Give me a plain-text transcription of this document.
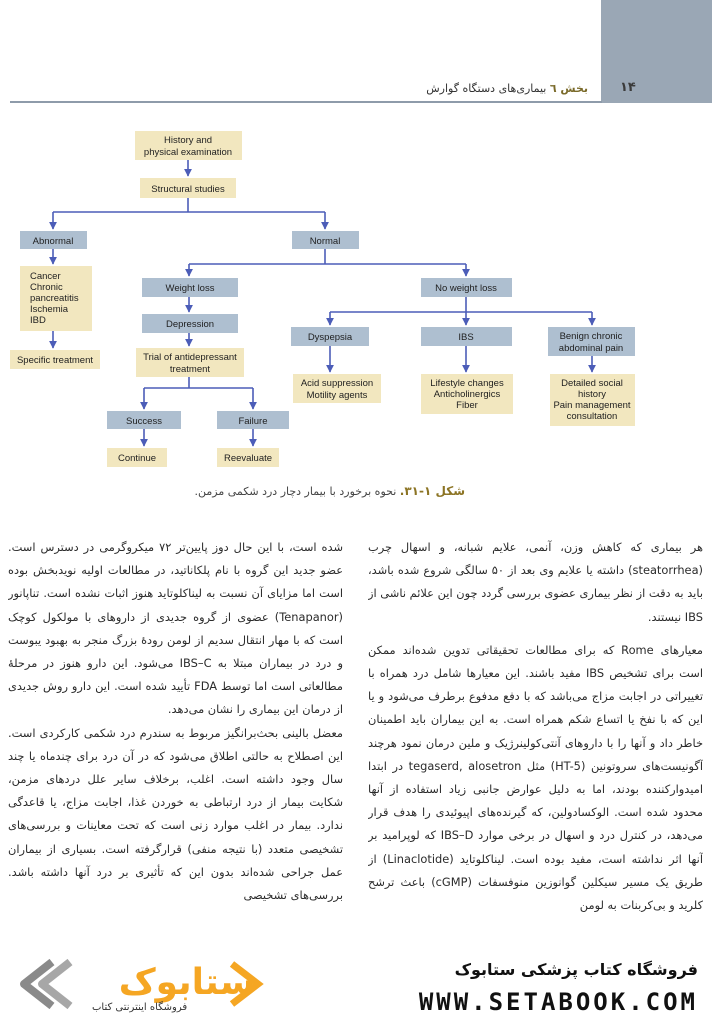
۱۴
بخش ٦ بیماری‌های دستگاه گوارش
History and
physical examination
Structural studies
Abnormal	Normal
Cancer
Chronic
pancreatitis
Ischemia
IBD
Specific treatment
Weight loss	No weight loss
Depression
Trial of antidepressant
treatment
Success	Failure
Continue	Reevaluate
Dyspepsia	IBS	Benign chronic
abdominal pain
Acid suppression
Motility agents
Lifestyle changes
Anticholinergics
Fiber
Detailed social
history
Pain management
consultation
شکل ۱-۳۱. نحوه برخورد با بیمار دچار درد شکمی مزمن.

هر بیماری که کاهش وزن، آنمی، علایم شبانه، و اسهال چرب (steatorrhea) داشته یا علایم وی بعد از ۵۰ سالگی شروع شده باشد، باید به دقت از نظر بیماری عضوی بررسی گردد چون این علائم ناشی از IBS نیستند.

معیارهای Rome که برای مطالعات تحقیقاتی تدوین شده‌اند ممکن است برای تشخیص IBS مفید باشند. این معیارها شامل درد همراه با تغییراتی در اجابت مزاج می‌باشد که با دفع مدفوع برطرف می‌شود و یا این که با نفخ یا اتساع شکم همراه است. به این بیماران باید اطمینان خاطر داد و آنها را با داروهای آنتی‌کولینرژیک و ملین درمان نمود هرچند آگونیست‌های سروتونین (HT-5) مثل tegaserd, alosetron در ابتدا امیدوارکننده بودند، اما به دلیل عوارض جانبی زیاد استفاده از آنها محدود شده است. الوکسادولین، که گیرنده‌های اپیوئیدی را هدف قرار می‌دهد، در کنترل درد و اسهال در برخی موارد IBS–D که لوپرامید بر آنها اثر نداشته است، مفید بوده است. لیناکلوتاید (Linaclotide) از طریق یک مسیر سیکلین گوانوزین منوفسفات (cGMP) باعث ترشح کلرید و بی‌کربنات به لومن

شده است، با این حال دوز پایین‌تر ۷۲ میکروگرمی در دسترس است. عضو جدید این گروه با نام پلکاناتید، در مطالعات اولیه نویدبخش بوده است اما مزایای آن نسبت به لیناکلوتاید هنوز اثبات نشده است. تناپانور (Tenapanor) عضوی از گروه جدیدی از داروهای با مولکول کوچک است که با مهار انتقال سدیم از لومن رودهٔ بزرگ منجر به بهبود یبوست و درد در بیماران مبتلا به IBS–C می‌شود. این دارو هنوز در مرحلهٔ مطالعاتی است اما توسط FDA تأیید شده است. این دارو روش جدیدی از درمان این بیماری را نشان می‌دهد.

معضل بالینی بحث‌برانگیز مربوط به سندرم درد شکمی کارکردی است. این اصطلاح به حالتی اطلاق می‌شود که در آن درد برای چندماه یا چند سال وجود داشته است. اغلب، برخلاف سایر علل دردهای مزمن، شکایت بیمار از درد ارتباطی به خوردن غذا، اجابت مزاج، یا قاعدگی ندارد. بیمار در اغلب موارد زنی است که تحت معاینات و بررسی‌های تشخیصی متعدد (با نتیجه منفی) قرارگرفته است. بسیاری از بیماران عمل جراحی شده‌اند بدون این که تأثیری بر درد آنها داشته باشد. بررسی‌های تشخیصی

ستابوک
فروشگاه اینترنتی کتاب
فروشگاه کتاب پزشکی ستابوک
WWW.SETABOOK.COM
